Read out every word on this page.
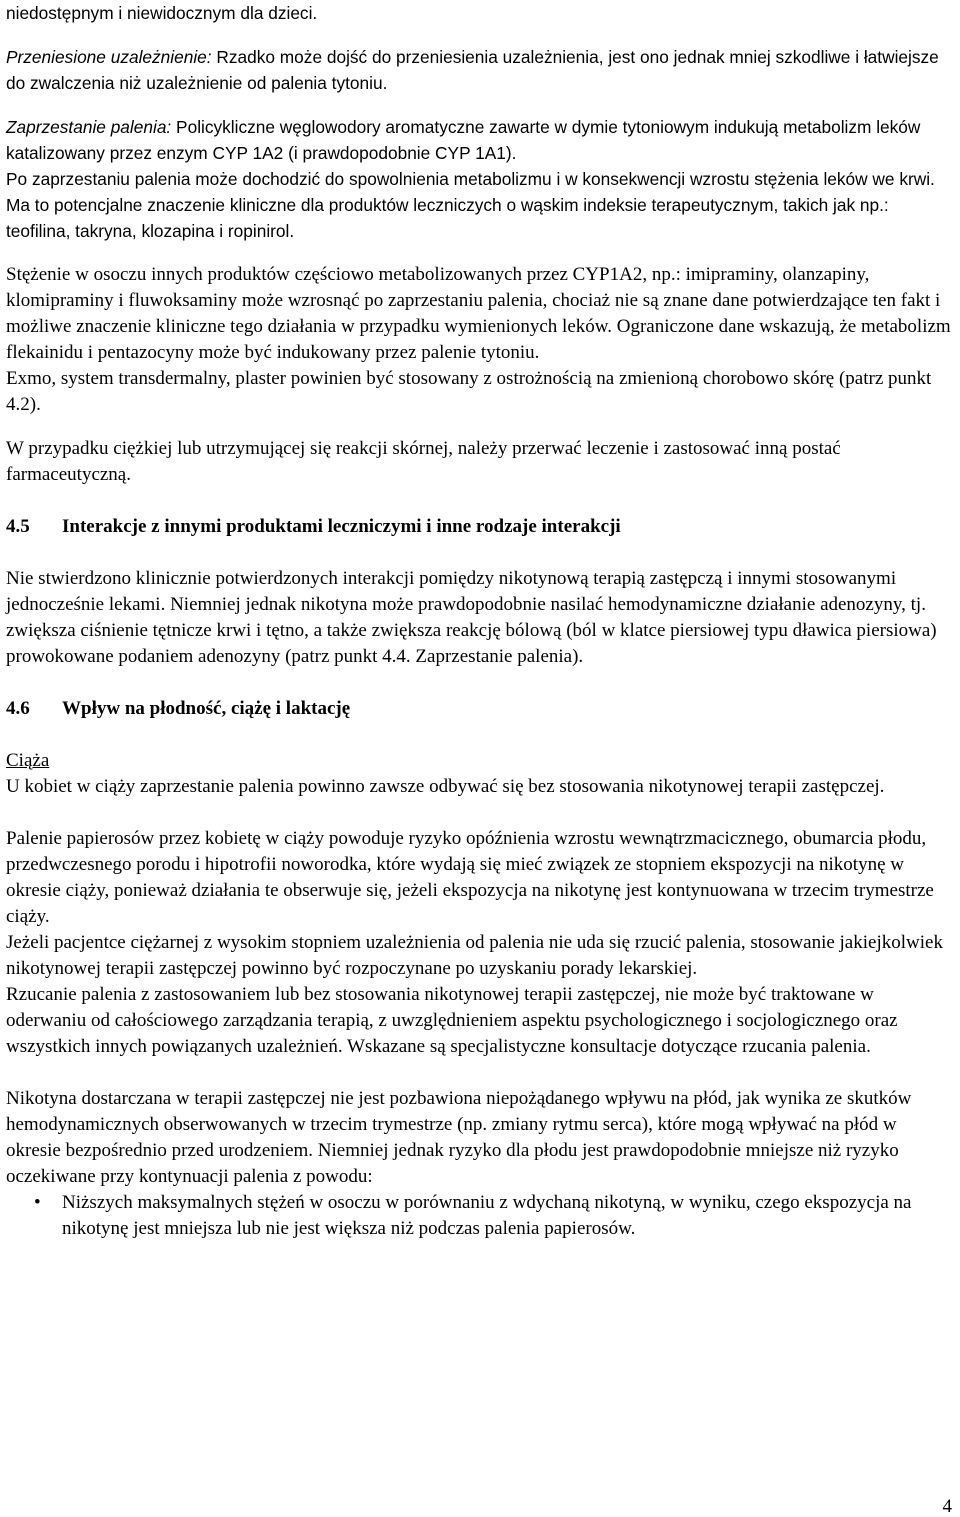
niedostępnym i niewidocznym dla dzieci.

Przeniesione uzależnienie: Rzadko może dojść do przeniesienia uzależnienia, jest ono jednak mniej szkodliwe i łatwiejsze do zwalczenia niż uzależnienie od palenia tytoniu.

Zaprzestanie palenia: Policykliczne węglowodory aromatyczne zawarte w dymie tytoniowym indukują metabolizm leków katalizowany przez enzym CYP 1A2 (i prawdopodobnie CYP 1A1).

Po zaprzestaniu palenia może dochodzić do spowolnienia metabolizmu i w konsekwencji wzrostu stężenia leków we krwi. Ma to potencjalne znaczenie kliniczne dla produktów leczniczych o wąskim indeksie terapeutycznym, takich jak np.: teofilina, takryna, klozapina i ropinirol.

Stężenie w osoczu innych produktów częściowo metabolizowanych przez CYP1A2, np.: imipraminy, olanzapiny, klomipraminy i fluwoksaminy może wzrosnąć po zaprzestaniu palenia, chociaż nie są znane dane potwierdzające ten fakt i możliwe znaczenie kliniczne tego działania w przypadku wymienionych leków. Ograniczone dane wskazują, że metabolizm flekainidu i pentazocyny może być indukowany przez palenie tytoniu.

Exmo, system transdermalny, plaster powinien być stosowany z ostrożnością na zmienioną chorobowo skórę (patrz punkt 4.2).

W przypadku ciężkiej lub utrzymującej się reakcji skórnej, należy przerwać leczenie i zastosować inną postać farmaceutyczną.

4.5 Interakcje z innymi produktami leczniczymi i inne rodzaje interakcji

Nie stwierdzono klinicznie potwierdzonych interakcji pomiędzy nikotynową terapią zastępczą i innymi stosowanymi jednocześnie lekami. Niemniej jednak nikotyna może prawdopodobnie nasilać hemodynamiczne działanie adenozyny, tj. zwiększa ciśnienie tętnicze krwi i tętno, a także zwiększa reakcję bólową (ból w klatce piersiowej typu dławica piersiowa) prowokowane podaniem adenozyny (patrz punkt 4.4. Zaprzestanie palenia).

4.6 Wpływ na płodność, ciążę i laktację

Ciąża

U kobiet w ciąży zaprzestanie palenia powinno zawsze odbywać się bez stosowania nikotynowej terapii zastępczej.

Palenie papierosów przez kobietę w ciąży powoduje ryzyko opóźnienia wzrostu wewnątrzmacicznego, obumarcia płodu, przedwczesnego porodu i hipotrofii noworodka, które wydają się mieć związek ze stopniem ekspozycji na nikotynę w okresie ciąży, ponieważ działania te obserwuje się, jeżeli ekspozycja na nikotynę jest kontynuowana w trzecim trymestrze ciąży.

Jeżeli pacjentce ciężarnej z wysokim stopniem uzależnienia od palenia nie uda się rzucić palenia, stosowanie jakiejkolwiek nikotynowej terapii zastępczej powinno być rozpoczynane po uzyskaniu porady lekarskiej.

Rzucanie palenia z zastosowaniem lub bez stosowania nikotynowej terapii zastępczej, nie może być traktowane w oderwaniu od całościowego zarządzania terapią, z uwzględnieniem aspektu psychologicznego i socjologicznego oraz wszystkich innych powiązanych uzależnień. Wskazane są specjalistyczne konsultacje dotyczące rzucania palenia.

Nikotyna dostarczana w terapii zastępczej nie jest pozbawiona niepożądanego wpływu na płód, jak wynika ze skutków hemodynamicznych obserwowanych w trzecim trymestrze (np. zmiany rytmu serca), które mogą wpływać na płód w okresie bezpośrednio przed urodzeniem. Niemniej jednak ryzyko dla płodu jest prawdopodobnie mniejsze niż ryzyko oczekiwane przy kontynuacji palenia z powodu:

• Niższych maksymalnych stężeń w osoczu w porównaniu z wdychaną nikotyną, w wyniku, czego ekspozycja na nikotynę jest mniejsza lub nie jest większa niż podczas palenia papierosów.
4
